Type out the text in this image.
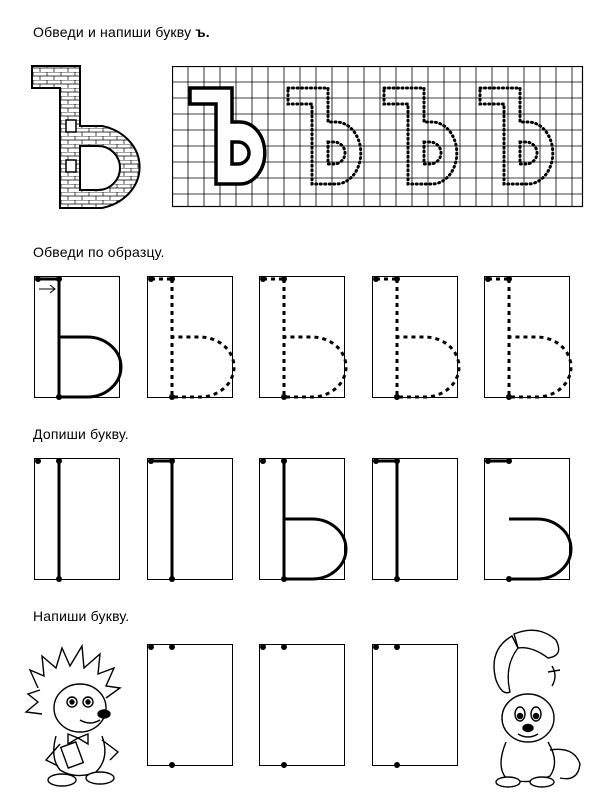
Обведи и напиши букву ъ.
Обведи по образцу.
Допиши букву.
Напиши букву.
